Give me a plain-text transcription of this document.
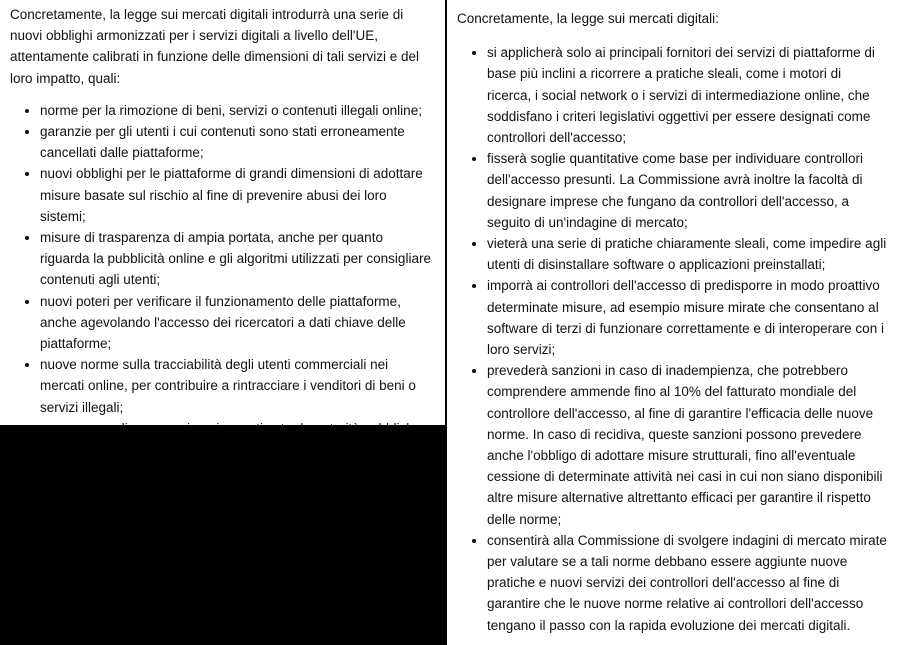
Concretamente, la legge sui mercati digitali introdurrà una serie di nuovi obblighi armonizzati per i servizi digitali a livello dell'UE, attentamente calibrati in funzione delle dimensioni di tali servizi e del loro impatto, quali:

• norme per la rimozione di beni, servizi o contenuti illegali online;
• garanzie per gli utenti i cui contenuti sono stati erroneamente cancellati dalle piattaforme;
• nuovi obblighi per le piattaforme di grandi dimensioni di adottare misure basate sul rischio al fine di prevenire abusi dei loro sistemi;
• misure di trasparenza di ampia portata, anche per quanto riguarda la pubblicità online e gli algoritmi utilizzati per consigliare contenuti agli utenti;
• nuovi poteri per verificare il funzionamento delle piattaforme, anche agevolando l'accesso dei ricercatori a dati chiave delle piattaforme;
• nuove norme sulla tracciabilità degli utenti commerciali nei mercati online, per contribuire a rintracciare i venditori di beni o servizi illegali;
•

Concretamente, la legge sui mercati digitali:

• si applicherà solo ai principali fornitori dei servizi di piattaforme di base più inclini a ricorrere a pratiche sleali, come i motori di ricerca, i social network o i servizi di intermediazione online, che soddisfano i criteri legislativi oggettivi per essere designati come controllori dell'accesso;
• fisserà soglie quantitative come base per individuare controllori dell'accesso presunti. La Commissione avrà inoltre la facoltà di designare imprese che fungano da controllori dell'accesso, a seguito di un'indagine di mercato;
• vieterà una serie di pratiche chiaramente sleali, come impedire agli utenti di disinstallare software o applicazioni preinstallati;
• imporrà ai controllori dell'accesso di predisporre in modo proattivo determinate misure, ad esempio misure mirate che consentano al software di terzi di funzionare correttamente e di interoperare con i loro servizi;
• prevederà sanzioni in caso di inadempienza, che potrebbero comprendere ammende fino al 10% del fatturato mondiale del controllore dell'accesso, al fine di garantire l'efficacia delle nuove norme. In caso di recidiva, queste sanzioni possono prevedere anche l'obbligo di adottare misure strutturali, fino all'eventuale cessione di determinate attività nei casi in cui non siano disponibili altre misure alternative altrettanto efficaci per garantire il rispetto delle norme;
• consentirà alla Commissione di svolgere indagini di mercato mirate per valutare se a tali norme debbano essere aggiunte nuove pratiche e nuovi servizi dei controllori dell'accesso al fine di garantire che le nuove norme relative ai controllori dell'accesso tengano il passo con la rapida evoluzione dei mercati digitali.
